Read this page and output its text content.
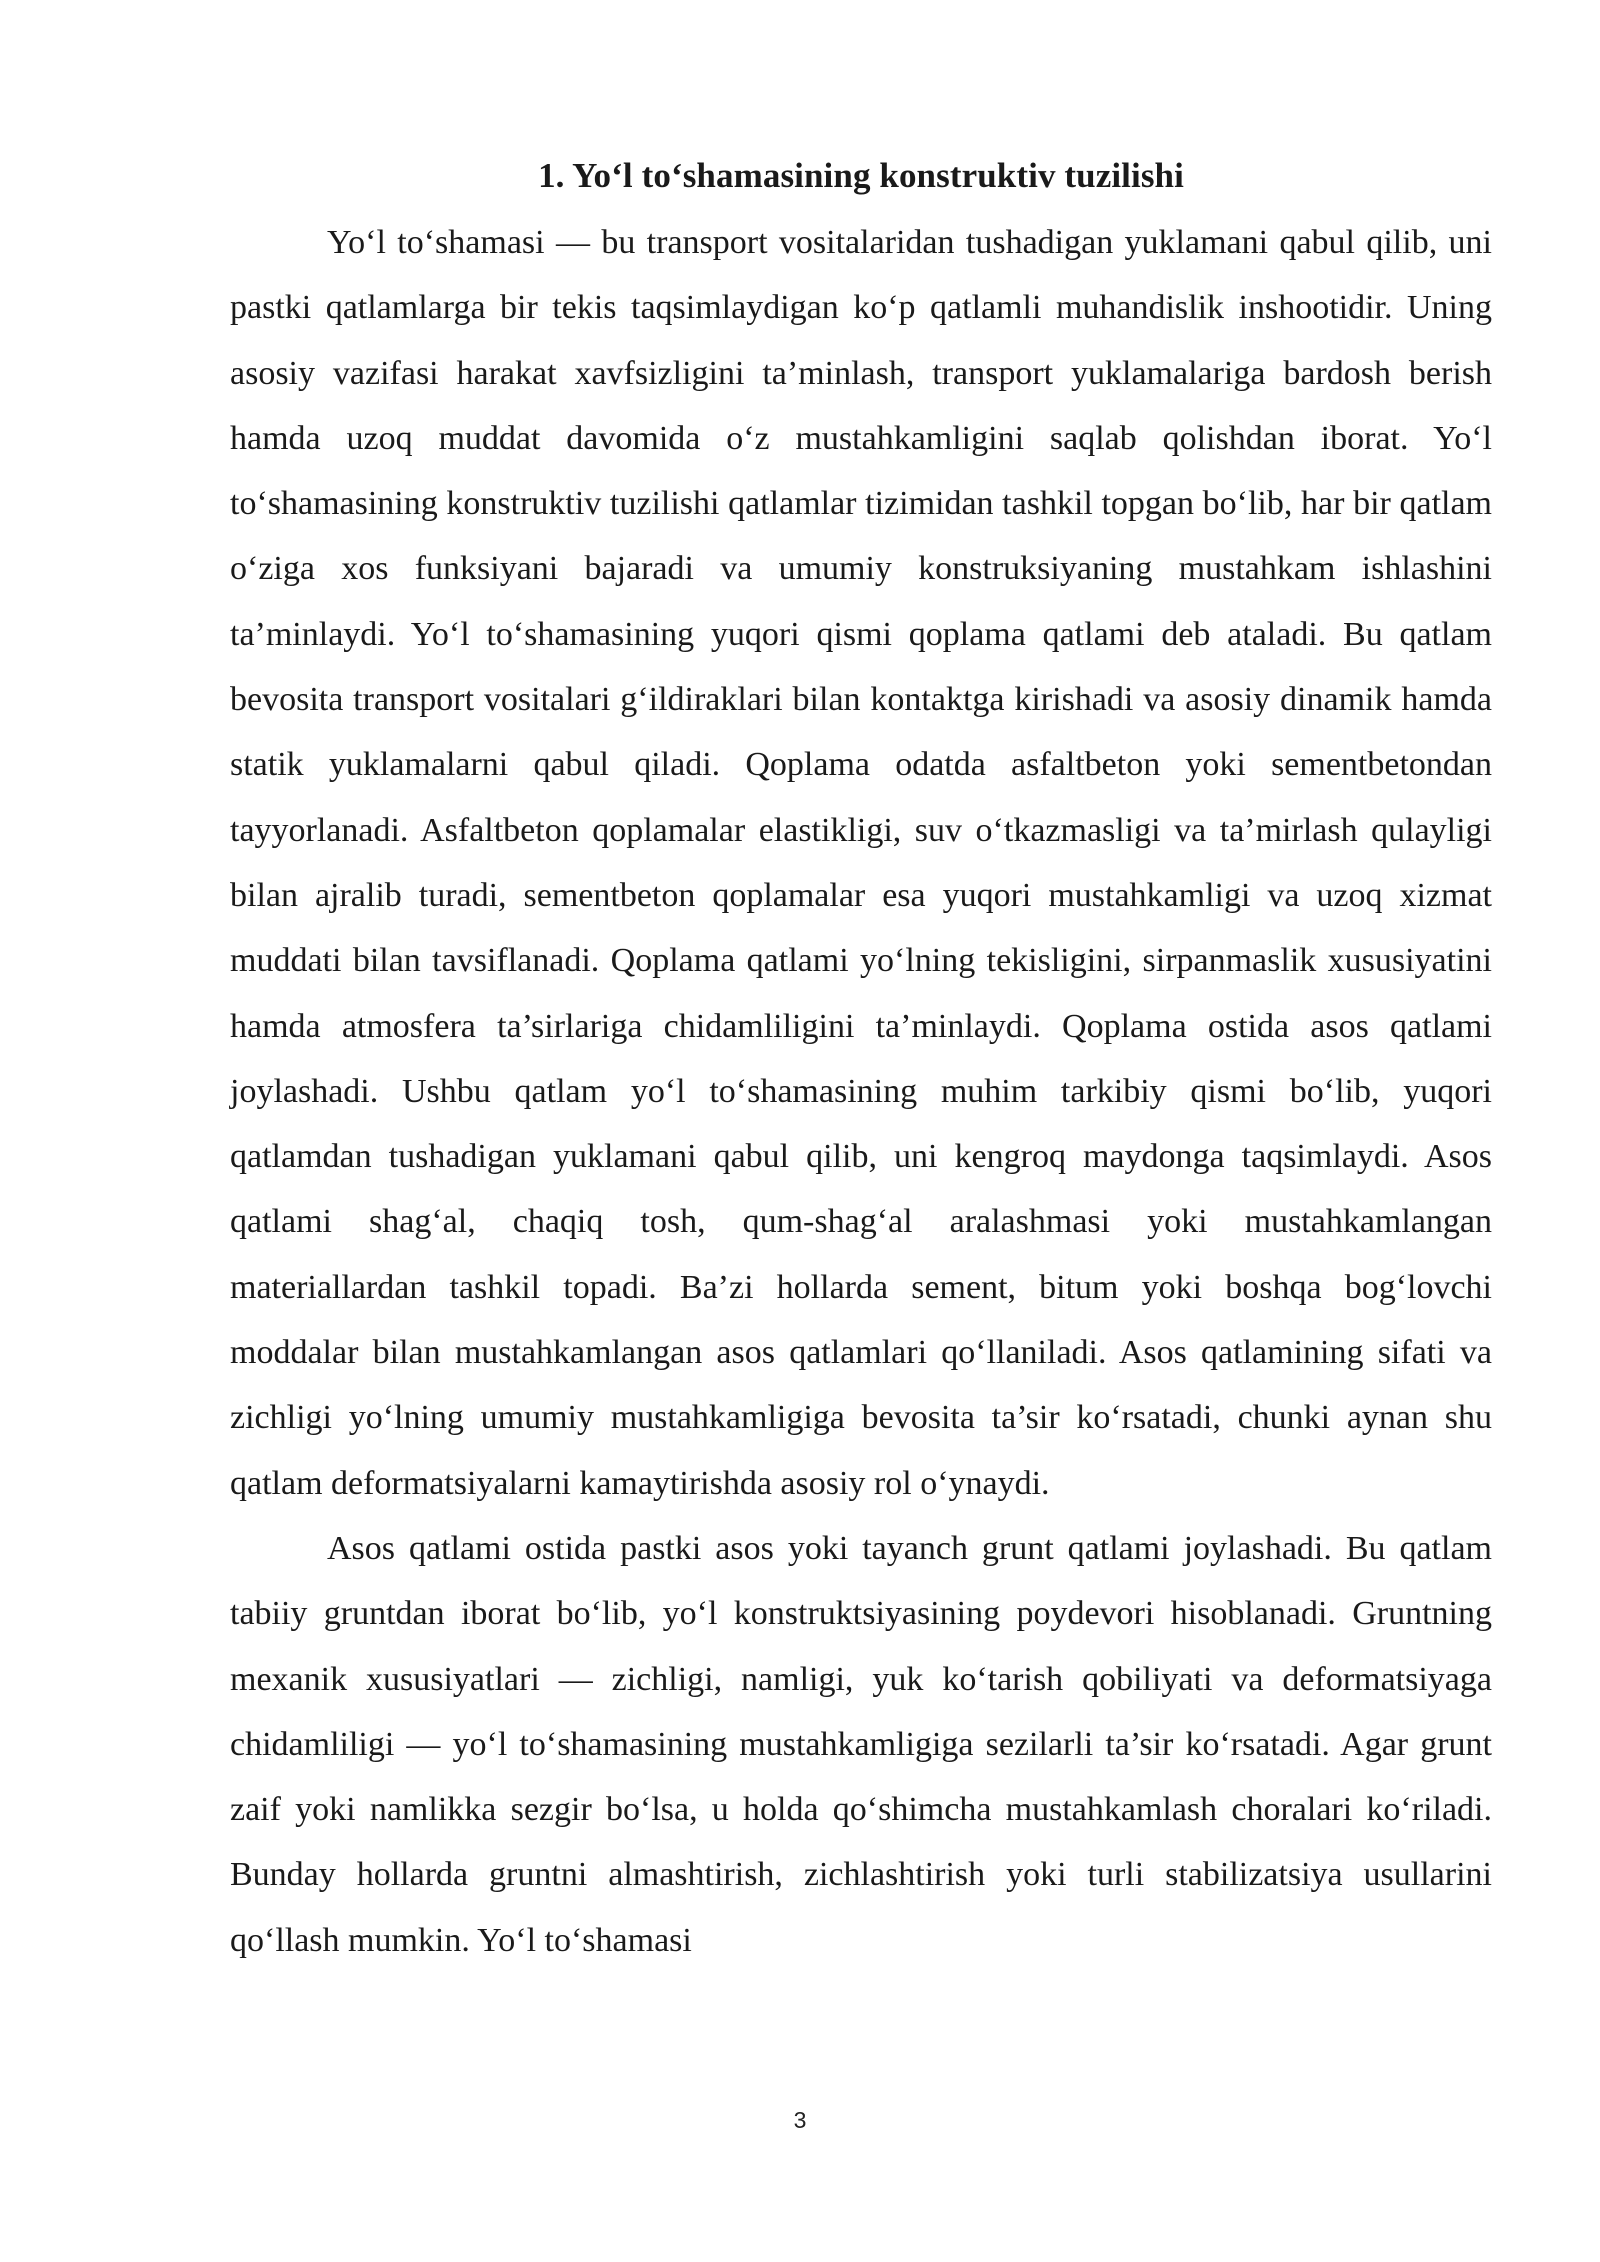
1. Yo‘l to‘shamasining konstruktiv tuzilishi

Yo‘l to‘shamasi — bu transport vositalaridan tushadigan yuklamani qabul qilib, uni pastki qatlamlarga bir tekis taqsimlaydigan ko‘p qatlamli muhandislik inshootidir. Uning asosiy vazifasi harakat xavfsizligini ta’minlash, transport yuklamalariga bardosh berish hamda uzoq muddat davomida o‘z mustahkamligini saqlab qolishdan iborat. Yo‘l to‘shamasining konstruktiv tuzilishi qatlamlar tizimidan tashkil topgan bo‘lib, har bir qatlam o‘ziga xos funksiyani bajaradi va umumiy konstruksiyaning mustahkam ishlashini ta’minlaydi. Yo‘l to‘shamasining yuqori qismi qoplama qatlami deb ataladi. Bu qatlam bevosita transport vositalari g‘ildiraklari bilan kontaktga kirishadi va asosiy dinamik hamda statik yuklamalarni qabul qiladi. Qoplama odatda asfaltbeton yoki sementbetondan tayyorlanadi. Asfaltbeton qoplamalar elastikligi, suv o‘tkazmasligi va ta’mirlash qulayligi bilan ajralib turadi, sementbeton qoplamalar esa yuqori mustahkamligi va uzoq xizmat muddati bilan tavsiflanadi. Qoplama qatlami yo‘lning tekisligini, sirpanmaslik xususiyatini hamda atmosfera ta’sirlariga chidamliligini ta’minlaydi. Qoplama ostida asos qatlami joylashadi. Ushbu qatlam yo‘l to‘shamasining muhim tarkibiy qismi bo‘lib, yuqori qatlamdan tushadigan yuklamani qabul qilib, uni kengroq maydonga taqsimlaydi. Asos qatlami shag‘al, chaqiq tosh, qum-shag‘al aralashmasi yoki mustahkamlangan materiallardan tashkil topadi. Ba’zi hollarda sement, bitum yoki boshqa bog‘lovchi moddalar bilan mustahkamlangan asos qatlamlari qo‘llaniladi. Asos qatlamining sifati va zichligi yo‘lning umumiy mustahkamligiga bevosita ta’sir ko‘rsatadi, chunki aynan shu qatlam deformatsiyalarni kamaytirishda asosiy rol o‘ynaydi.

Asos qatlami ostida pastki asos yoki tayanch grunt qatlami joylashadi. Bu qatlam tabiiy gruntdan iborat bo‘lib, yo‘l konstruktsiyasining poydevori hisoblanadi. Gruntning mexanik xususiyatlari — zichligi, namligi, yuk ko‘tarish qobiliyati va deformatsiyaga chidamliligi — yo‘l to‘shamasining mustahkamligiga sezilarli ta’sir ko‘rsatadi. Agar grunt zaif yoki namlikka sezgir bo‘lsa, u holda qo‘shimcha mustahkamlash choralari ko‘riladi. Bunday hollarda gruntni almashtirish, zichlashtirish yoki turli stabilizatsiya usullarini qo‘llash mumkin. Yo‘l to‘shamasi

3
